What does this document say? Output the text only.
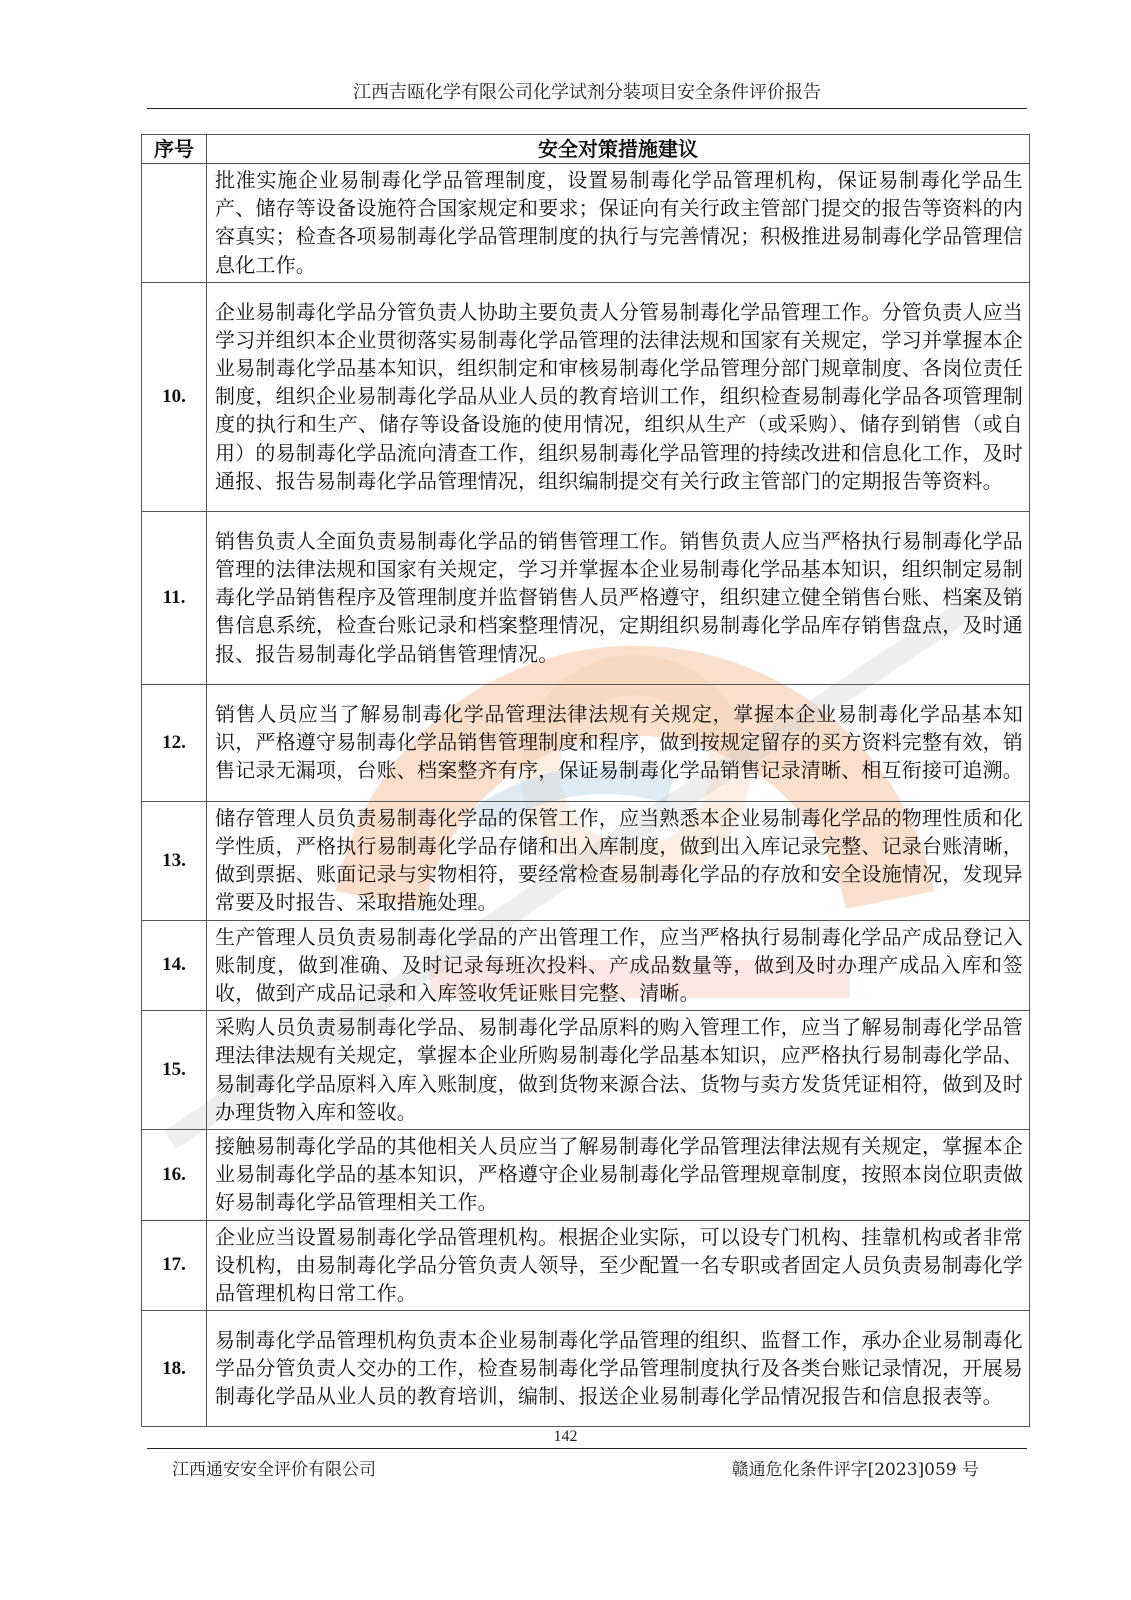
江西吉瓯化学有限公司化学试剂分装项目安全条件评价报告
序号	安全对策措施建议
	批准实施企业易制毒化学品管理制度，设置易制毒化学品管理机构，保证易制毒化学品生产、储存等设备设施符合国家规定和要求；保证向有关行政主管部门提交的报告等资料的内容真实；检查各项易制毒化学品管理制度的执行与完善情况；积极推进易制毒化学品管理信息化工作。
10.	企业易制毒化学品分管负责人协助主要负责人分管易制毒化学品管理工作。分管负责人应当学习并组织本企业贯彻落实易制毒化学品管理的法律法规和国家有关规定，学习并掌握本企业易制毒化学品基本知识，组织制定和审核易制毒化学品管理分部门规章制度、各岗位责任制度，组织企业易制毒化学品从业人员的教育培训工作，组织检查易制毒化学品各项管理制度的执行和生产、储存等设备设施的使用情况，组织从生产（或采购）、储存到销售（或自用）的易制毒化学品流向清查工作，组织易制毒化学品管理的持续改进和信息化工作，及时通报、报告易制毒化学品管理情况，组织编制提交有关行政主管部门的定期报告等资料。
11.	销售负责人全面负责易制毒化学品的销售管理工作。销售负责人应当严格执行易制毒化学品管理的法律法规和国家有关规定，学习并掌握本企业易制毒化学品基本知识，组织制定易制毒化学品销售程序及管理制度并监督销售人员严格遵守，组织建立健全销售台账、档案及销售信息系统，检查台账记录和档案整理情况，定期组织易制毒化学品库存销售盘点，及时通报、报告易制毒化学品销售管理情况。
12.	销售人员应当了解易制毒化学品管理法律法规有关规定，掌握本企业易制毒化学品基本知识，严格遵守易制毒化学品销售管理制度和程序，做到按规定留存的买方资料完整有效，销售记录无漏项，台账、档案整齐有序，保证易制毒化学品销售记录清晰、相互衔接可追溯。
13.	储存管理人员负责易制毒化学品的保管工作，应当熟悉本企业易制毒化学品的物理性质和化学性质，严格执行易制毒化学品存储和出入库制度，做到出入库记录完整、记录台账清晰，做到票据、账面记录与实物相符，要经常检查易制毒化学品的存放和安全设施情况，发现异常要及时报告、采取措施处理。
14.	生产管理人员负责易制毒化学品的产出管理工作，应当严格执行易制毒化学品产成品登记入账制度，做到准确、及时记录每班次投料、产成品数量等，做到及时办理产成品入库和签收，做到产成品记录和入库签收凭证账目完整、清晰。
15.	采购人员负责易制毒化学品、易制毒化学品原料的购入管理工作，应当了解易制毒化学品管理法律法规有关规定，掌握本企业所购易制毒化学品基本知识，应严格执行易制毒化学品、易制毒化学品原料入库入账制度，做到货物来源合法、货物与卖方发货凭证相符，做到及时办理货物入库和签收。
16.	接触易制毒化学品的其他相关人员应当了解易制毒化学品管理法律法规有关规定，掌握本企业易制毒化学品的基本知识，严格遵守企业易制毒化学品管理规章制度，按照本岗位职责做好易制毒化学品管理相关工作。
17.	企业应当设置易制毒化学品管理机构。根据企业实际，可以设专门机构、挂靠机构或者非常设机构，由易制毒化学品分管负责人领导，至少配置一名专职或者固定人员负责易制毒化学品管理机构日常工作。
18.	易制毒化学品管理机构负责本企业易制毒化学品管理的组织、监督工作，承办企业易制毒化学品分管负责人交办的工作，检查易制毒化学品管理制度执行及各类台账记录情况，开展易制毒化学品从业人员的教育培训，编制、报送企业易制毒化学品情况报告和信息报表等。
142
江西通安安全评价有限公司	赣通危化条件评字[2023]059 号
